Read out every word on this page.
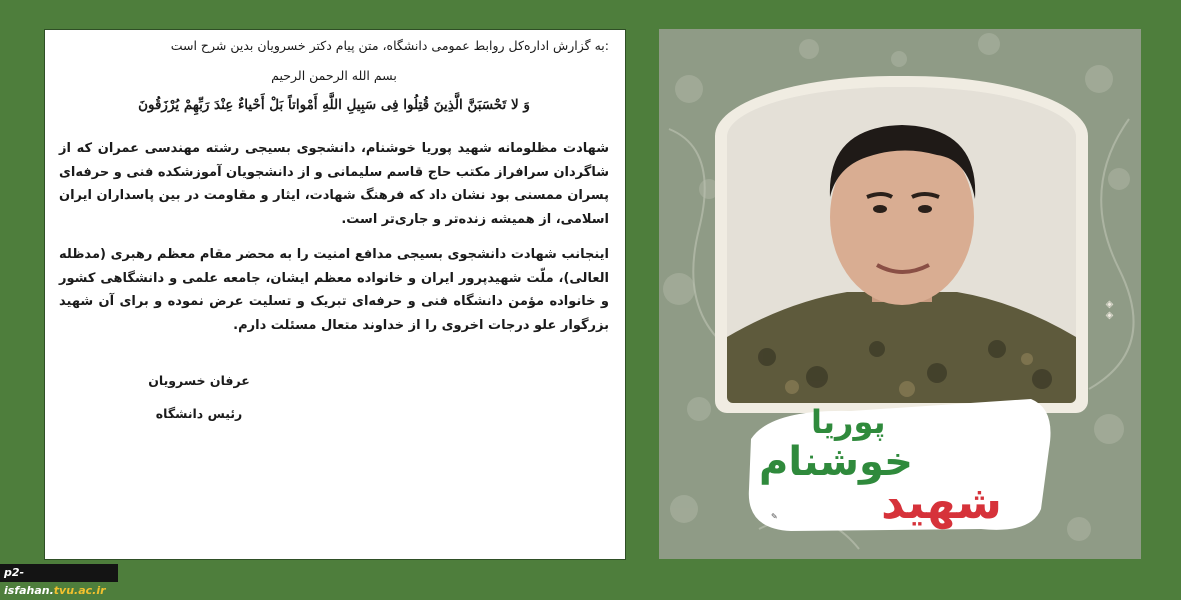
:به گزارش اداره‌کل روابط عمومی دانشگاه، متن پیام دکتر خسرویان بدین شرح است

بسم الله الرحمن الرحیم

وَ لا تَحْسَبَنَّ الَّذِینَ قُتِلُوا فِی سَبِیلِ اللَّهِ أَمْواتاً بَلْ أَحْیاءٌ عِنْدَ رَبِّهِمْ یُرْزَقُونَ

شهادت مظلومانه شهید پوریا خوشنام، دانشجوی بسیجی رشته مهندسی عمران که از شاگردان سرافراز مکتب حاج قاسم سلیمانی و از دانشجویان آموزشکده فنی و حرفه‌ای پسران ممسنی بود نشان داد که فرهنگ شهادت، ایثار و مقاومت در بین پاسداران ایران اسلامی، از همیشه زنده‌تر و جاری‌تر است.

اینجانب شهادت دانشجوی بسیجی مدافع امنیت را به محضر مقام معظم رهبری (مدظله العالی)، ملّت شهیدپرور ایران و خانواده معظم ایشان، جامعه علمی و دانشگاهی کشور و خانواده مؤمن دانشگاه فنی و حرفه‌ای تبریک و تسلیت عرض نموده و برای آن شهید بزرگوار علو درجات اخروی را از خداوند متعال مسئلت دارم.

عرفان خسرویان
رئیس دانشگاه
◈◈
پوریا
خوشنام
شهید
✎
p2-isfahan.tvu.ac.ir
